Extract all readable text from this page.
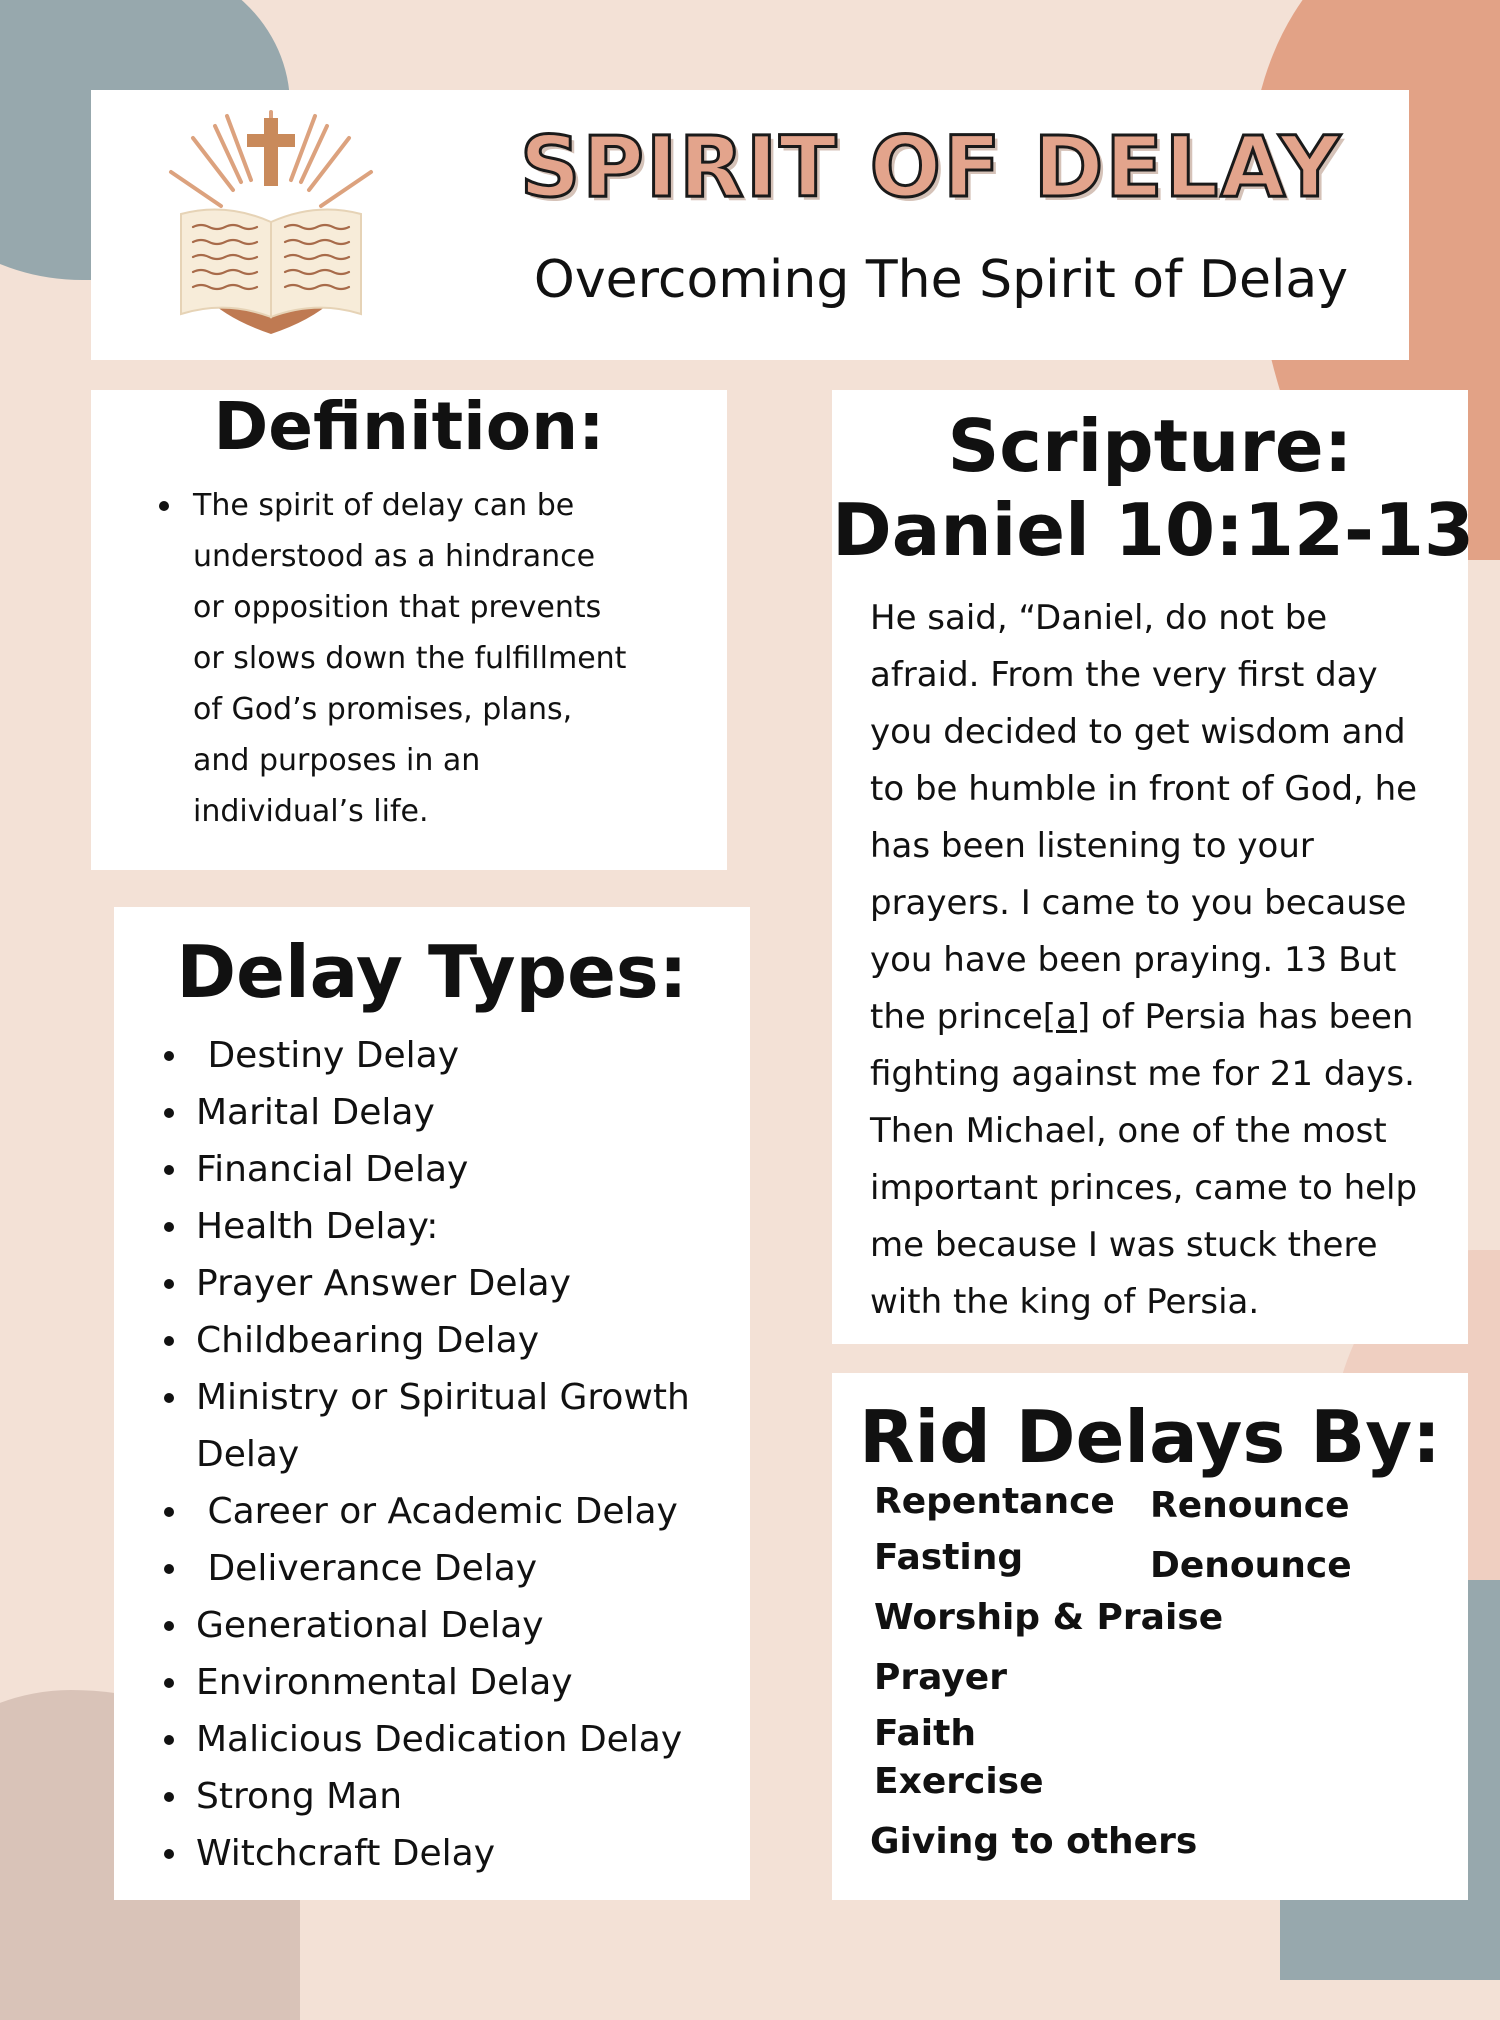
SPIRIT OF DELAY
Overcoming The Spirit of Delay
Definition:
The spirit of delay can be understood as a hindrance or opposition that prevents or slows down the fulfillment of God’s promises, plans, and purposes in an individual’s life.
Delay Types:
Destiny Delay
Marital Delay
Financial Delay
Health Delay:
Prayer Answer Delay
Childbearing Delay
Ministry or Spiritual Growth Delay
Career or Academic Delay
Deliverance Delay
Generational Delay
Environmental Delay
Malicious Dedication Delay
Strong Man
Witchcraft Delay
Scripture:
Daniel 10:12-13

He said, “Daniel, do not be afraid. From the very first day you decided to get wisdom and to be humble in front of God, he has been listening to your prayers. I came to you because you have been praying. 13 But the prince[a] of Persia has been fighting against me for 21 days. Then Michael, one of the most important princes, came to help me because I was stuck there with the king of Persia.

Rid Delays By:
Repentance
Fasting
Worship & Praise
Prayer
Faith
Exercise
Giving to others
Renounce
Denounce
